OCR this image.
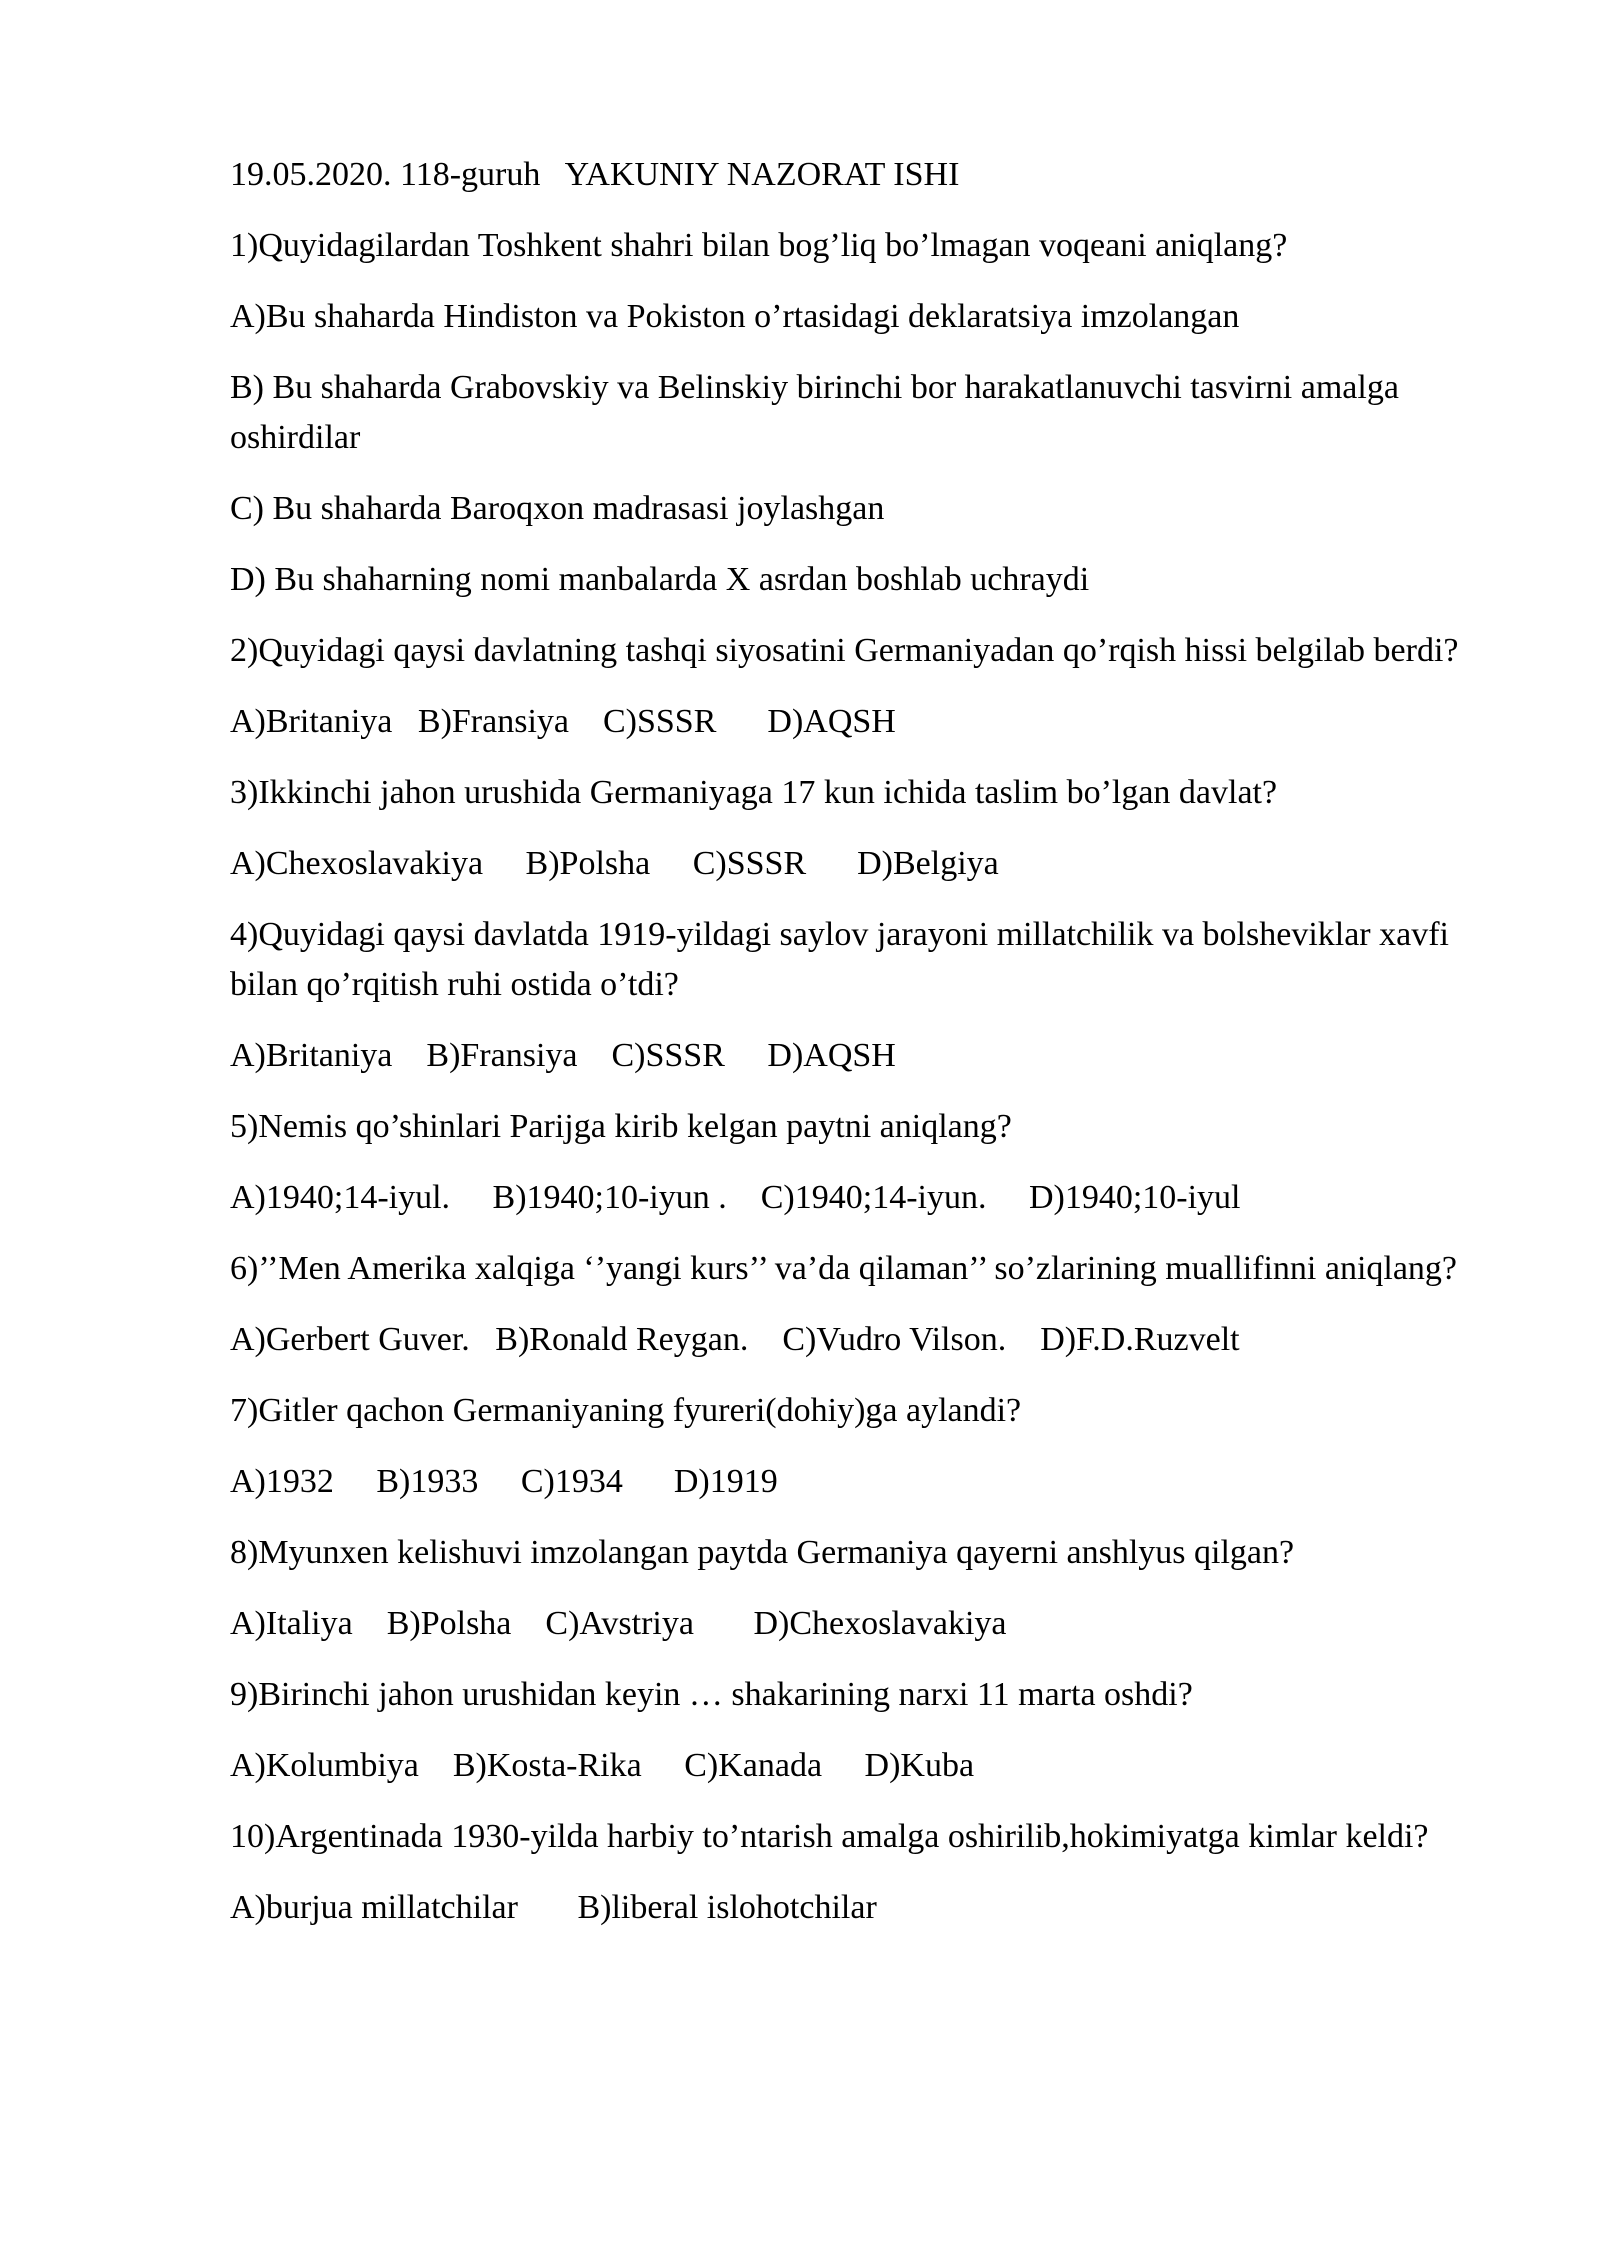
19.05.2020. 118-guruh   YAKUNIY NAZORAT ISHI
1)Quyidagilardan Toshkent shahri bilan bog’liq bo’lmagan voqeani aniqlang?
A)Bu shaharda Hindiston va Pokiston o’rtasidagi deklaratsiya imzolangan
B) Bu shaharda Grabovskiy va Belinskiy birinchi bor harakatlanuvchi tasvirni amalga oshirdilar
C) Bu shaharda Baroqxon madrasasi joylashgan
D) Bu shaharning nomi manbalarda X asrdan boshlab uchraydi
2)Quyidagi qaysi davlatning tashqi siyosatini Germaniyadan qo’rqish hissi belgilab berdi?
A)Britaniya   B)Fransiya    C)SSSR      D)AQSH
3)Ikkinchi jahon urushida Germaniyaga 17 kun ichida taslim bo’lgan davlat?
A)Chexoslavakiya     B)Polsha     C)SSSR      D)Belgiya
4)Quyidagi qaysi davlatda 1919-yildagi saylov jarayoni millatchilik va bolsheviklar xavfi bilan qo’rqitish ruhi ostida o’tdi?
A)Britaniya    B)Fransiya    C)SSSR     D)AQSH
5)Nemis qo’shinlari Parijga kirib kelgan paytni aniqlang?
A)1940;14-iyul.     B)1940;10-iyun .    C)1940;14-iyun.     D)1940;10-iyul
6)’’Men Amerika xalqiga ‘’yangi kurs’’ va’da qilaman’’ so’zlarining muallifinni aniqlang?
A)Gerbert Guver.   B)Ronald Reygan.    C)Vudro Vilson.    D)F.D.Ruzvelt
7)Gitler qachon Germaniyaning fyureri(dohiy)ga aylandi?
A)1932     B)1933     C)1934      D)1919
8)Myunxen kelishuvi imzolangan paytda Germaniya qayerni anshlyus qilgan?
A)Italiya    B)Polsha    C)Avstriya       D)Chexoslavakiya
9)Birinchi jahon urushidan keyin … shakarining narxi 11 marta oshdi?
A)Kolumbiya    B)Kosta-Rika     C)Kanada     D)Kuba
10)Argentinada 1930-yilda harbiy to’ntarish amalga oshirilib,hokimiyatga kimlar keldi?
A)burjua millatchilar       B)liberal islohotchilar
